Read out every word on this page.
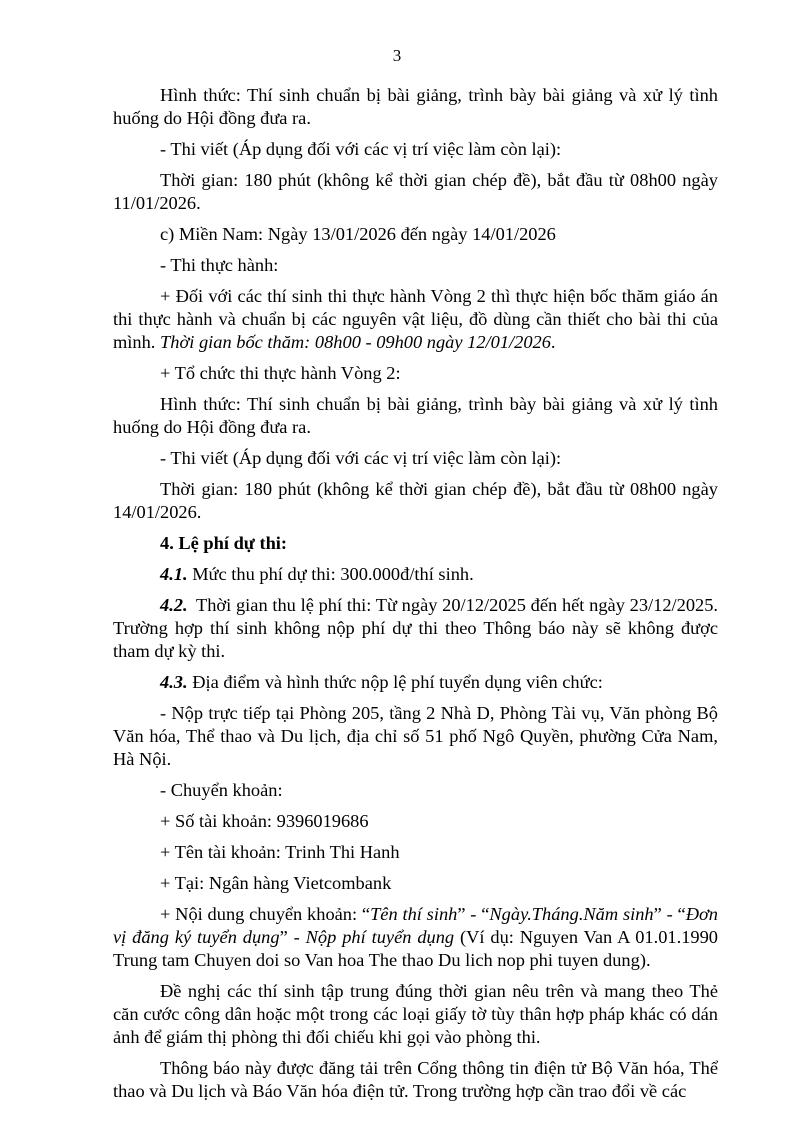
3

Hình thức: Thí sinh chuẩn bị bài giảng, trình bày bài giảng và xử lý tình huống do Hội đồng đưa ra.

- Thi viết (Áp dụng đối với các vị trí việc làm còn lại):

Thời gian: 180 phút (không kể thời gian chép đề), bắt đầu từ 08h00 ngày 11/01/2026.

c) Miền Nam: Ngày 13/01/2026 đến ngày 14/01/2026

- Thi thực hành:

+ Đối với các thí sinh thi thực hành Vòng 2 thì thực hiện bốc thăm giáo án thi thực hành và chuẩn bị các nguyên vật liệu, đồ dùng cần thiết cho bài thi của mình. Thời gian bốc thăm: 08h00 - 09h00 ngày 12/01/2026.

+ Tổ chức thi thực hành Vòng 2:

Hình thức: Thí sinh chuẩn bị bài giảng, trình bày bài giảng và xử lý tình huống do Hội đồng đưa ra.

- Thi viết (Áp dụng đối với các vị trí việc làm còn lại):

Thời gian: 180 phút (không kể thời gian chép đề), bắt đầu từ 08h00 ngày 14/01/2026.

4. Lệ phí dự thi:

4.1. Mức thu phí dự thi: 300.000đ/thí sinh.

4.2. Thời gian thu lệ phí thi: Từ ngày 20/12/2025 đến hết ngày 23/12/2025. Trường hợp thí sinh không nộp phí dự thi theo Thông báo này sẽ không được tham dự kỳ thi.

4.3. Địa điểm và hình thức nộp lệ phí tuyển dụng viên chức:

- Nộp trực tiếp tại Phòng 205, tầng 2 Nhà D, Phòng Tài vụ, Văn phòng Bộ Văn hóa, Thể thao và Du lịch, địa chỉ số 51 phố Ngô Quyền, phường Cửa Nam, Hà Nội.

- Chuyển khoản:

+ Số tài khoản: 9396019686

+ Tên tài khoản: Trinh Thi Hanh

+ Tại: Ngân hàng Vietcombank

+ Nội dung chuyển khoản: “Tên thí sinh” - “Ngày.Tháng.Năm sinh” - “Đơn vị đăng ký tuyển dụng” - Nộp phí tuyển dụng (Ví dụ: Nguyen Van A 01.01.1990 Trung tam Chuyen doi so Van hoa The thao Du lich nop phi tuyen dung).

Đề nghị các thí sinh tập trung đúng thời gian nêu trên và mang theo Thẻ căn cước công dân hoặc một trong các loại giấy tờ tùy thân hợp pháp khác có dán ảnh để giám thị phòng thi đối chiếu khi gọi vào phòng thi.

Thông báo này được đăng tải trên Cổng thông tin điện tử Bộ Văn hóa, Thể thao và Du lịch và Báo Văn hóa điện tử. Trong trường hợp cần trao đổi về các
